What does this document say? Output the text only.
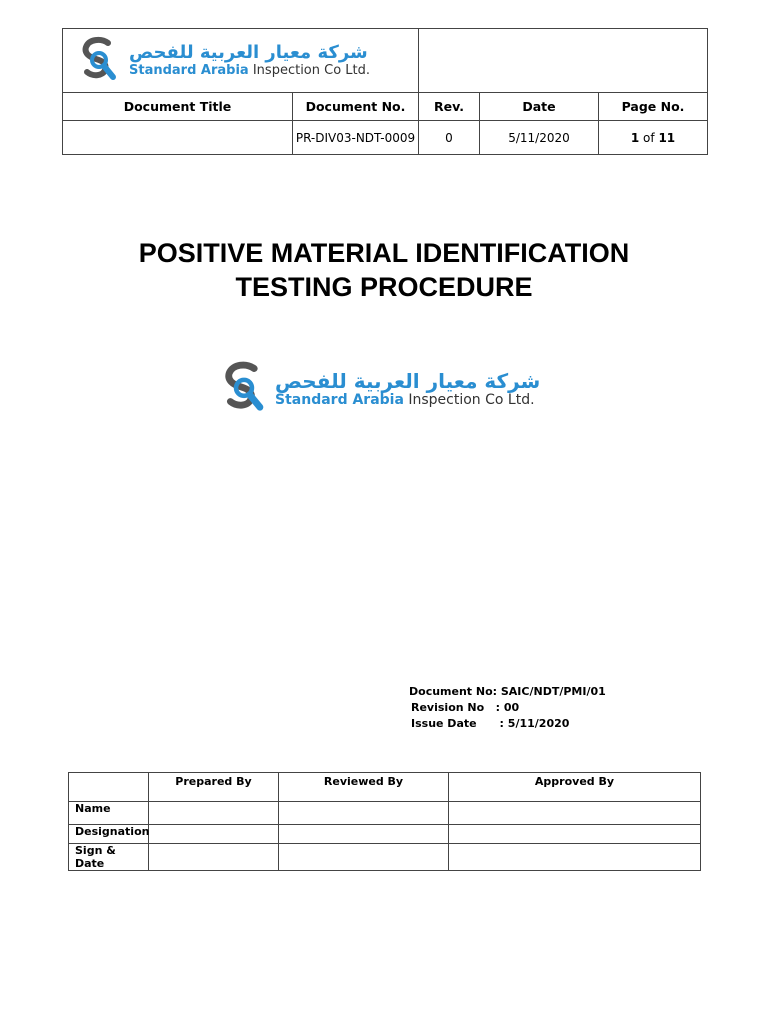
شركة معيار العربية للفحص
Standard Arabia Inspection Co Ltd.				

Document Title	Document No.	Rev.	Date	Page No.
	PR-DIV03-NDT-0009	0	5/11/2020	1 of 11
POSITIVE MATERIAL IDENTIFICATION
TESTING PROCEDURE
شركة معيار العربية للفحص
Standard Arabia Inspection Co Ltd.
Document No: SAIC/NDT/PMI/01
Revision No   : 00
Issue Date      : 5/11/2020
	Prepared By	Reviewed By	Approved By
Name			
Designation			
Sign & Date			
